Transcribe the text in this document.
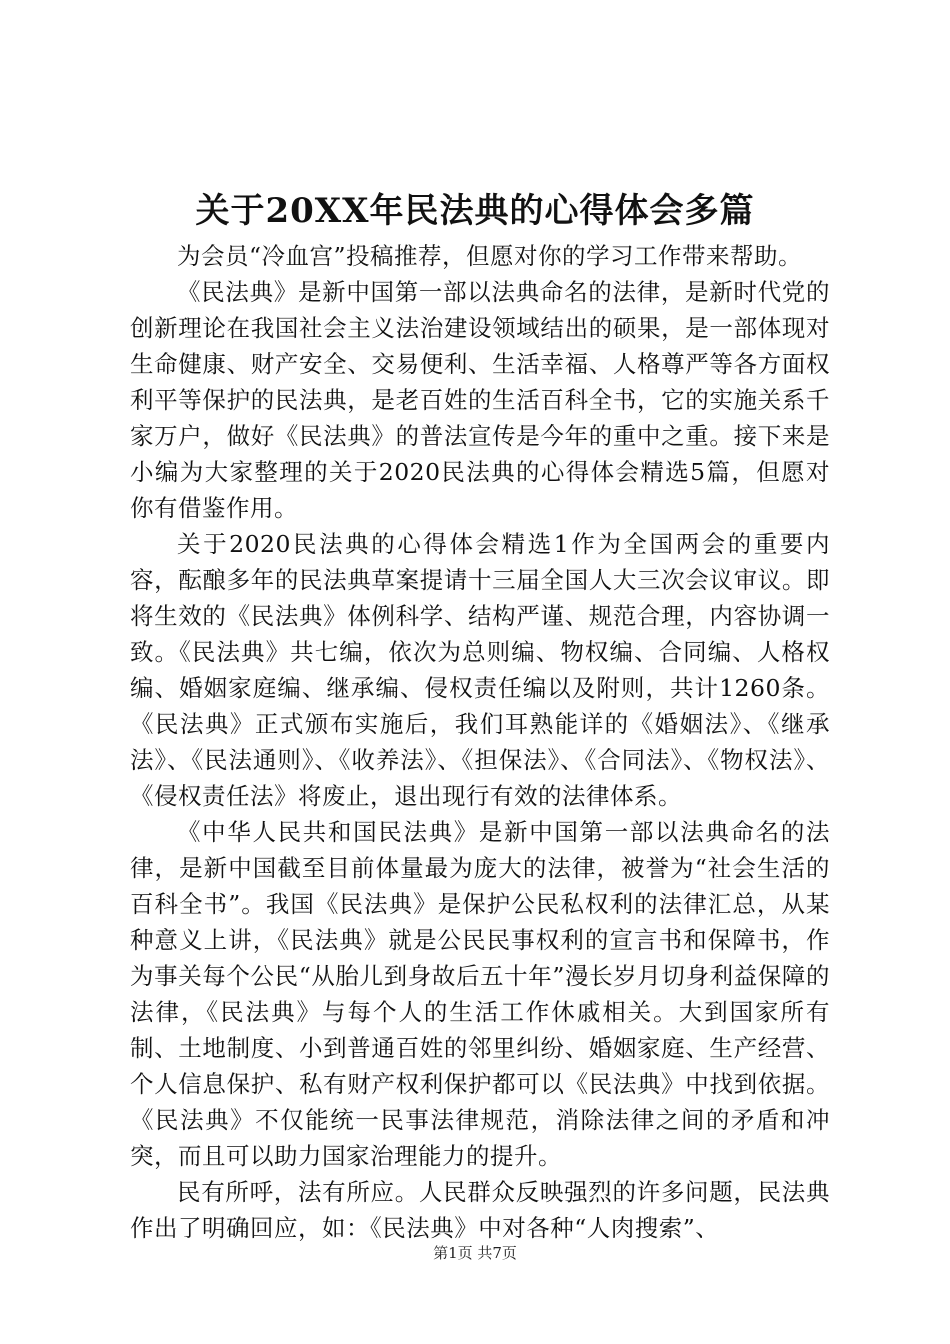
关于20XX年民法典的心得体会多篇

为会员“冷血宫”投稿推荐，但愿对你的学习工作带来帮助。

《民法典》是新中国第一部以法典命名的法律，是新时代党的创新理论在我国社会主义法治建设领域结出的硕果，是一部体现对生命健康、财产安全、交易便利、生活幸福、人格尊严等各方面权利平等保护的民法典，是老百姓的生活百科全书，它的实施关系千家万户，做好《民法典》的普法宣传是今年的重中之重。接下来是小编为大家整理的关于2020民法典的心得体会精选5篇，但愿对你有借鉴作用。

关于2020民法典的心得体会精选1作为全国两会的重要内容，酝酿多年的民法典草案提请十三届全国人大三次会议审议。即将生效的《民法典》体例科学、结构严谨、规范合理，内容协调一致。《民法典》共七编，依次为总则编、物权编、合同编、人格权编、婚姻家庭编、继承编、侵权责任编以及附则，共计1260条。《民法典》正式颁布实施后，我们耳熟能详的《婚姻法》、《继承法》、《民法通则》、《收养法》、《担保法》、《合同法》、《物权法》、《侵权责任法》将废止，退出现行有效的法律体系。

《中华人民共和国民法典》是新中国第一部以法典命名的法律，是新中国截至目前体量最为庞大的法律，被誉为“社会生活的百科全书”。我国《民法典》是保护公民私权利的法律汇总，从某种意义上讲，《民法典》就是公民民事权利的宣言书和保障书，作为事关每个公民“从胎儿到身故后五十年”漫长岁月切身利益保障的法律，《民法典》与每个人的生活工作休戚相关。大到国家所有制、土地制度、小到普通百姓的邻里纠纷、婚姻家庭、生产经营、个人信息保护、私有财产权利保护都可以《民法典》中找到依据。《民法典》不仅能统一民事法律规范，消除法律之间的矛盾和冲突，而且可以助力国家治理能力的提升。

民有所呼，法有所应。人民群众反映强烈的许多问题，民法典作出了明确回应，如：《民法典》中对各种“人肉搜索”、

第1页 共7页
